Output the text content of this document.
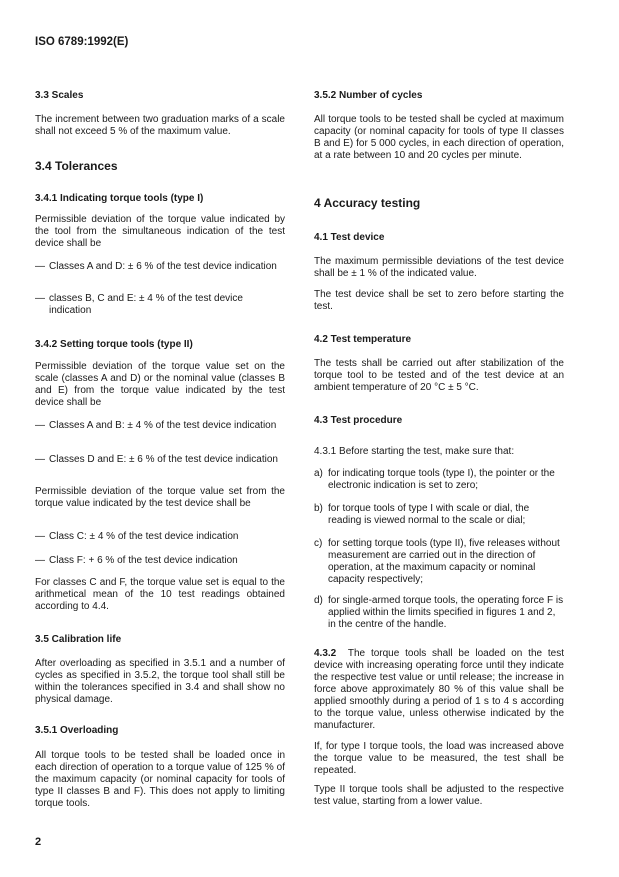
ISO 6789:1992(E)
3.3 Scales
The increment between two graduation marks of a scale shall not exceed 5 % of the maximum value.
3.4 Tolerances
3.4.1 Indicating torque tools (type I)
Permissible deviation of the torque value indicated by the tool from the simultaneous indication of the test device shall be
— Classes A and D: ± 6 % of the test device indication
— classes B, C and E: ± 4 % of the test device indication
3.4.2 Setting torque tools (type II)
Permissible deviation of the torque value set on the scale (classes A and D) or the nominal value (classes B and E) from the torque value indicated by the test device shall be
— Classes A and B: ± 4 % of the test device indication
— Classes D and E: ± 6 % of the test device indication
Permissible deviation of the torque value set from the torque value indicated by the test device shall be
— Class C: ± 4 % of the test device indication
— Class F: + 6 % of the test device indication
For classes C and F, the torque value set is equal to the arithmetical mean of the 10 test readings obtained according to 4.4.
3.5 Calibration life
After overloading as specified in 3.5.1 and a number of cycles as specified in 3.5.2, the torque tool shall still be within the tolerances specified in 3.4 and shall show no physical damage.
3.5.1 Overloading
All torque tools to be tested shall be loaded once in each direction of operation to a torque value of 125 % of the maximum capacity (or nominal capacity for tools of type II classes B and F). This does not apply to limiting torque tools.
3.5.2 Number of cycles
All torque tools to be tested shall be cycled at maximum capacity (or nominal capacity for tools of type II classes B and E) for 5 000 cycles, in each direction of operation, at a rate between 10 and 20 cycles per minute.
4 Accuracy testing
4.1 Test device
The maximum permissible deviations of the test device shall be ± 1 % of the indicated value.
The test device shall be set to zero before starting the test.
4.2 Test temperature
The tests shall be carried out after stabilization of the torque tool to be tested and of the test device at an ambient temperature of 20 °C ± 5 °C.
4.3 Test procedure
4.3.1 Before starting the test, make sure that:
a) for indicating torque tools (type I), the pointer or the electronic indication is set to zero;
b) for torque tools of type I with scale or dial, the reading is viewed normal to the scale or dial;
c) for setting torque tools (type II), five releases without measurement are carried out in the direction of operation, at the maximum capacity or nominal capacity respectively;
d) for single-armed torque tools, the operating force F is applied within the limits specified in figures 1 and 2, in the centre of the handle.
4.3.2 The torque tools shall be loaded on the test device with increasing operating force until they indicate the respective test value or until release; the increase in force above approximately 80 % of this value shall be applied smoothly during a period of 1 s to 4 s according to the torque value, unless otherwise indicated by the manufacturer.
If, for type I torque tools, the load was increased above the torque value to be measured, the test shall be repeated.
Type II torque tools shall be adjusted to the respective test value, starting from a lower value.
2
